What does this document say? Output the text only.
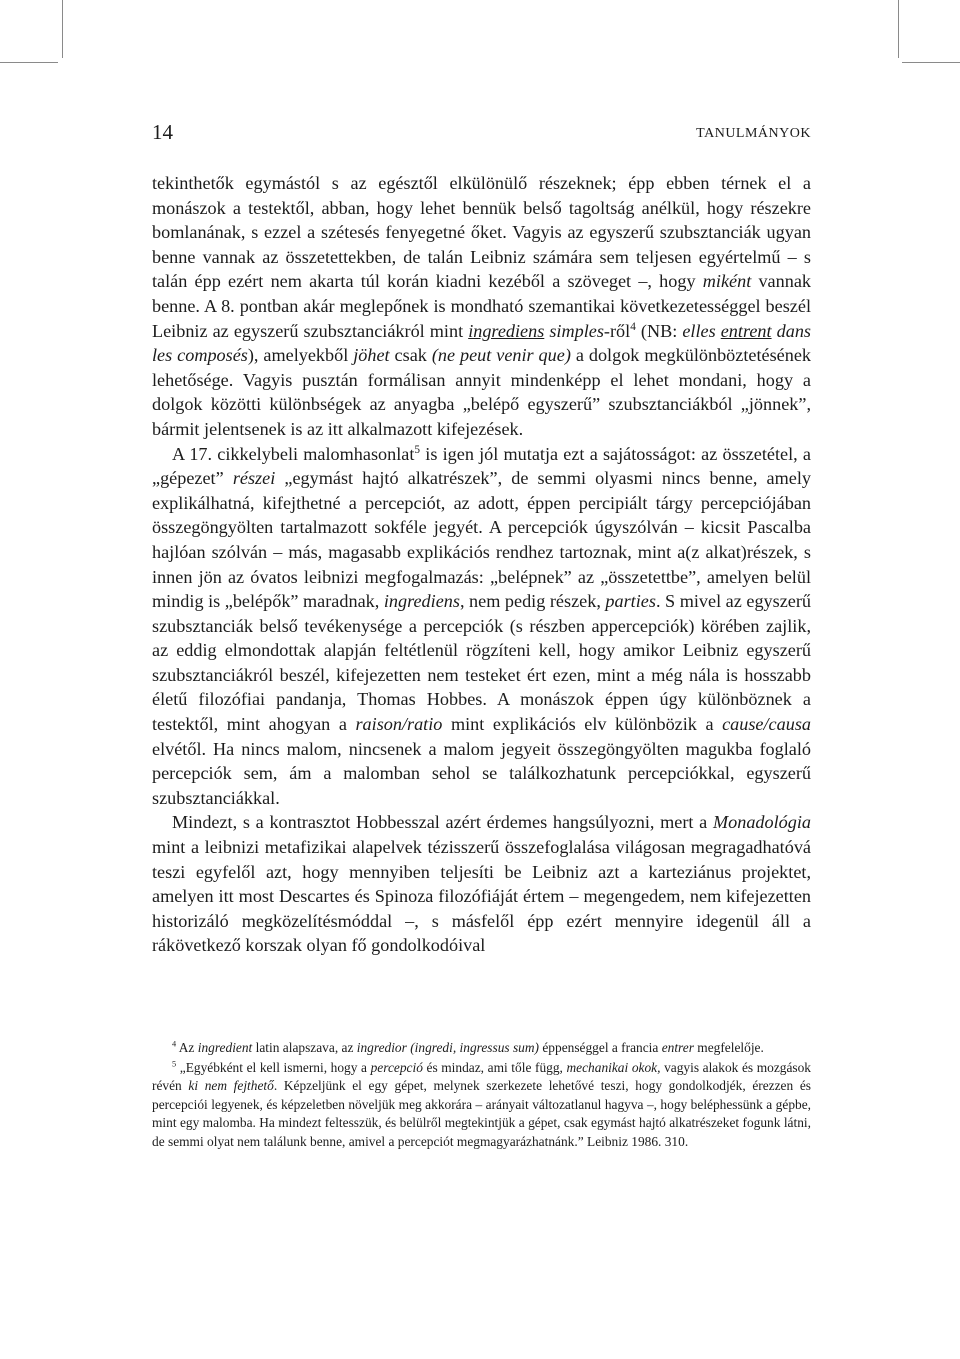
14	TANULMÁNYOK

tekinthetők egymástól s az egésztől elkülönülő részeknek; épp ebben térnek el a monászok a testektől, abban, hogy lehet bennük belső tagoltság anélkül, hogy részekre bomlanának, s ezzel a szétesés fenyegetné őket. Vagyis az egyszerű szubsztanciák ugyan benne vannak az összetettekben, de talán Leibniz számára sem teljesen egyértelmű – s talán épp ezért nem akarta túl korán kiadni kezéből a szöveget –, hogy miként vannak benne. A 8. pontban akár meglepőnek is mondható szemantikai következetességgel beszél Leibniz az egyszerű szubsztanciákról mint ingrediens simples-ről$^4$ (NB: elles entrent dans les composés), amelyekből jöhet csak (ne peut venir que) a dolgok megkülönböztetésének lehetősége. Vagyis pusztán formálisan annyit mindenképp el lehet mondani, hogy a dolgok közötti különbségek az anyagba „belépő egyszerű” szubsztanciákból „jönnek”, bármit jelentsenek is az itt alkalmazott kifejezések.

A 17. cikkelybeli malomhasonlat$^5$ is igen jól mutatja ezt a sajátosságot: az összetétel, a „gépezet” részei „egymást hajtó alkatrészek”, de semmi olyasmi nincs benne, amely explikálhatná, kifejthetné a percepciót, az adott, éppen percipiált tárgy percepciójában összegöngyölten tartalmazott sokféle jegyét. A percepciók úgyszólván – kicsit Pascalba hajlóan szólván – más, magasabb explikációs rendhez tartoznak, mint a(z alkat)részek, s innen jön az óvatos leibnizi megfogalmazás: „belépnek” az „összetettbe”, amelyen belül mindig is „belépők” maradnak, ingrediens, nem pedig részek, parties. S mivel az egyszerű szubsztanciák belső tevékenysége a percepciók (s részben appercepciók) körében zajlik, az eddig elmondottak alapján feltétlenül rögzíteni kell, hogy amikor Leibniz egyszerű szubsztanciákról beszél, kifejezetten nem testeket ért ezen, mint a még nála is hosszabb életű filozófiai pandanja, Thomas Hobbes. A monászok éppen úgy különböznek a testektől, mint ahogyan a raison/ratio mint explikációs elv különbözik a cause/causa elvétől. Ha nincs malom, nincsenek a malom jegyeit összegöngyölten magukba foglaló percepciók sem, ám a malomban sehol se találkozhatunk percepciókkal, egyszerű szubsztanciákkal.

Mindezt, s a kontrasztot Hobbesszal azért érdemes hangsúlyozni, mert a Monadológia mint a leibnizi metafizikai alapelvek tézisszerű összefoglalása világosan megragadhatóvá teszi egyfelől azt, hogy mennyiben teljesíti be Leibniz azt a karteziánus projektet, amelyen itt most Descartes és Spinoza filozófiáját értem – megengedem, nem kifejezetten historizáló megközelítésmóddal –, s másfelől épp ezért mennyire idegenül áll a rákövetkező korszak olyan fő gondolkodóival

$^4$ Az ingredient latin alapszava, az ingredior (ingredi, ingressus sum) éppenséggel a francia entrer megfelelője.

$^5$ „Egyébként el kell ismerni, hogy a percepció és mindaz, ami tőle függ, mechanikai okok, vagyis alakok és mozgások révén ki nem fejthető. Képzeljünk el egy gépet, melynek szerkezete lehetővé teszi, hogy gondolkodjék, érezzen és percepciói legyenek, és képzeletben növeljük meg akkorára – arányait változatlanul hagyva –, hogy beléphessünk a gépbe, mint egy malomba. Ha mindezt feltesszük, és belülről megtekintjük a gépet, csak egymást hajtó alkatrészeket fogunk látni, de semmi olyat nem találunk benne, amivel a percepciót megmagyarázhatnánk.” Leibniz 1986. 310.
